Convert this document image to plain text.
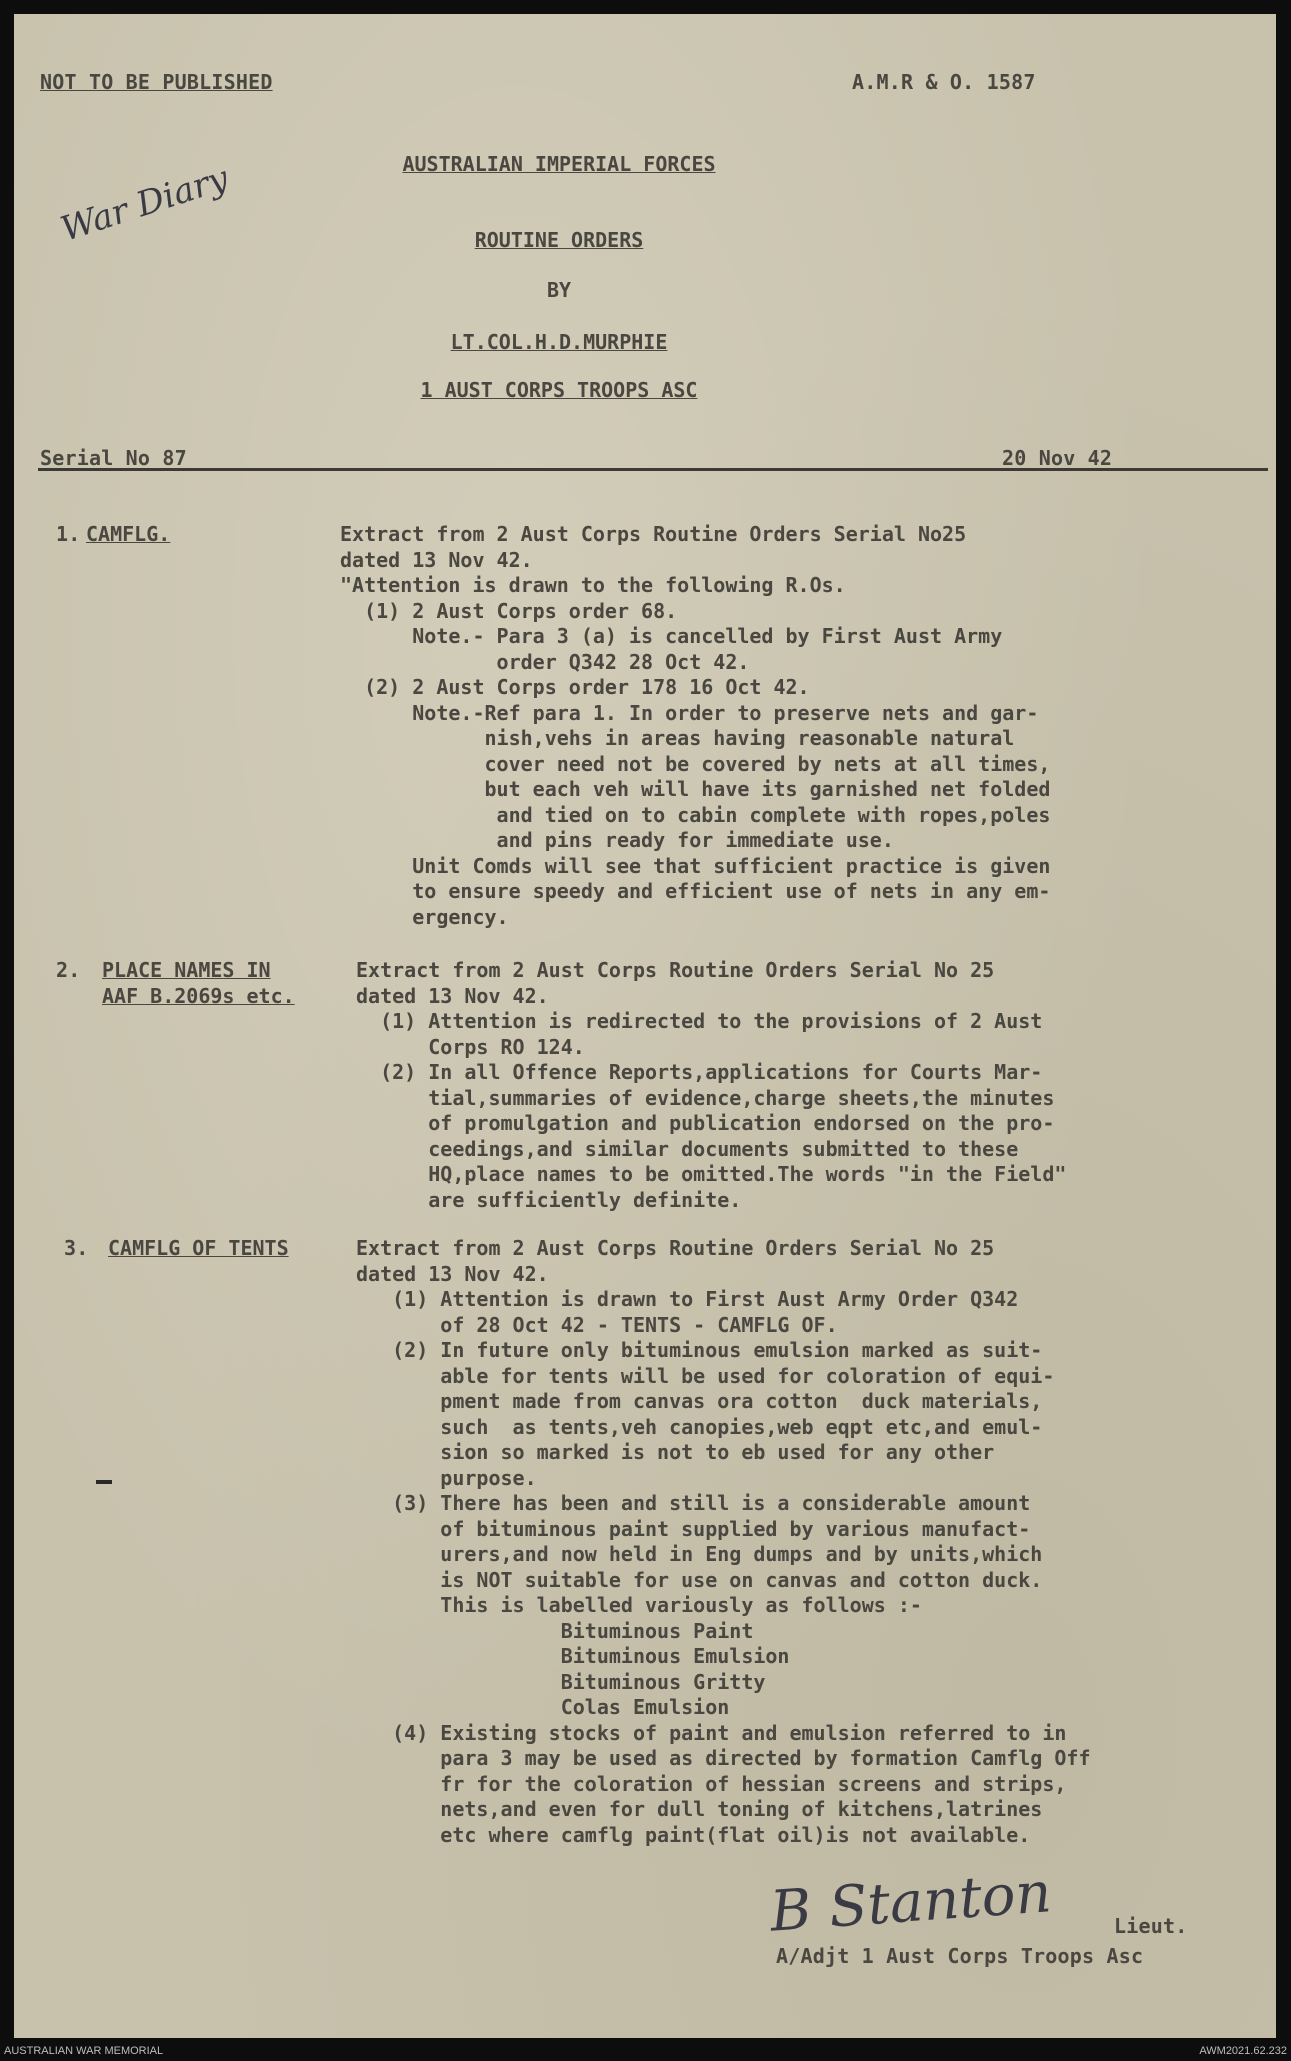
NOT TO BE PUBLISHED	A.M.R & O. 1587
War Diary	AUSTRALIAN IMPERIAL FORCES
ROUTINE ORDERS
BY
LT.COL.H.D.MURPHIE
1 AUST CORPS TROOPS ASC
Serial No 87	20 Nov 42
1. CAMFLG.	Extract from 2 Aust Corps Routine Orders Serial No25
dated 13 Nov 42.
"Attention is drawn to the following R.Os.
(1) 2 Aust Corps order 68.
Note.- Para 3 (a) is cancelled by First Aust Army
order Q342 28 Oct 42.
(2) 2 Aust Corps order 178 16 Oct 42.
Note.-Ref para 1. In order to preserve nets and gar-
nish,vehs in areas having reasonable natural
cover need not be covered by nets at all times,
but each veh will have its garnished net folded
and tied on to cabin complete with ropes,poles
and pins ready for immediate use.
Unit Comds will see that sufficient practice is given
to ensure speedy and efficient use of nets in any em-
ergency.
2. PLACE NAMES IN
AAF B.2069s etc.
Extract from 2 Aust Corps Routine Orders Serial No 25
dated 13 Nov 42.
(1) Attention is redirected to the provisions of 2 Aust
Corps RO 124.
(2) In all Offence Reports,applications for Courts Mar-
tial,summaries of evidence,charge sheets,the minutes
of promulgation and publication endorsed on the pro-
ceedings,and similar documents submitted to these
HQ,place names to be omitted.The words "in the Field"
are sufficiently definite.
3. CAMFLG OF TENTS	Extract from 2 Aust Corps Routine Orders Serial No 25
dated 13 Nov 42.
(1) Attention is drawn to First Aust Army Order Q342
of 28 Oct 42 - TENTS - CAMFLG OF.
(2) In future only bituminous emulsion marked as suit-
able for tents will be used for coloration of equi-
pment made from canvas ora cotton  duck materials,
such  as tents,veh canopies,web eqpt etc,and emul-
sion so marked is not to eb used for any other
purpose.
(3) There has been and still is a considerable amount
of bituminous paint supplied by various manufact-
urers,and now held in Eng dumps and by units,which
is NOT suitable for use on canvas and cotton duck.
This is labelled variously as follows :-
Bituminous Paint
Bituminous Emulsion
Bituminous Gritty
Colas Emulsion
(4) Existing stocks of paint and emulsion referred to in
para 3 may be used as directed by formation Camflg Off
fr for the coloration of hessian screens and strips,
nets,and even for dull toning of kitchens,latrines
etc where camflg paint(flat oil)is not available.
B Stanton	Lieut.
A/Adjt 1 Aust Corps Troops Asc
AUSTRALIAN WAR MEMORIAL	AWM2021.62.232
